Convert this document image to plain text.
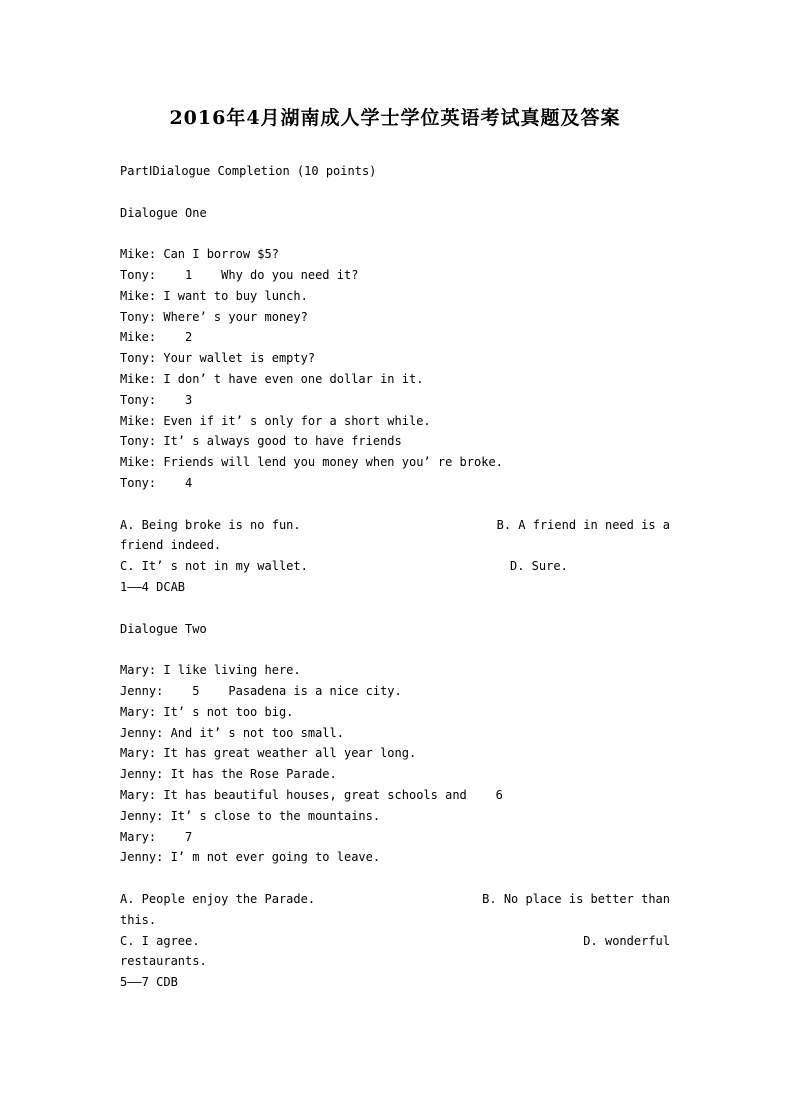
2016年4月湖南成人学士学位英语考试真题及答案
PartⅠDialogue Completion (10 points)
Dialogue One
Mike: Can I borrow $5?
Tony:    1    Why do you need it?
Mike: I want to buy lunch.
Tony: Where’ s your money?
Mike:    2
Tony: Your wallet is empty?
Mike: I don’ t have even one dollar in it.
Tony:    3
Mike: Even if it’ s only for a short while.
Tony: It’ s always good to have friends
Mike: Friends will lend you money when you’ re broke.
Tony:    4
A. Being broke is no fun.	B. A friend in need is a
friend indeed.
C. It’ s not in my wallet.	D. Sure.
1——4 DCAB
Dialogue Two
Mary: I like living here.
Jenny:    5    Pasadena is a nice city.
Mary: It’ s not too big.
Jenny: And it’ s not too small.
Mary: It has great weather all year long.
Jenny: It has the Rose Parade.
Mary: It has beautiful houses, great schools and    6
Jenny: It’ s close to the mountains.
Mary:    7
Jenny: I’ m not ever going to leave.
A. People enjoy the Parade.	B. No place is better than
this.
C. I agree.	D. wonderful
restaurants.
5——7 CDB
